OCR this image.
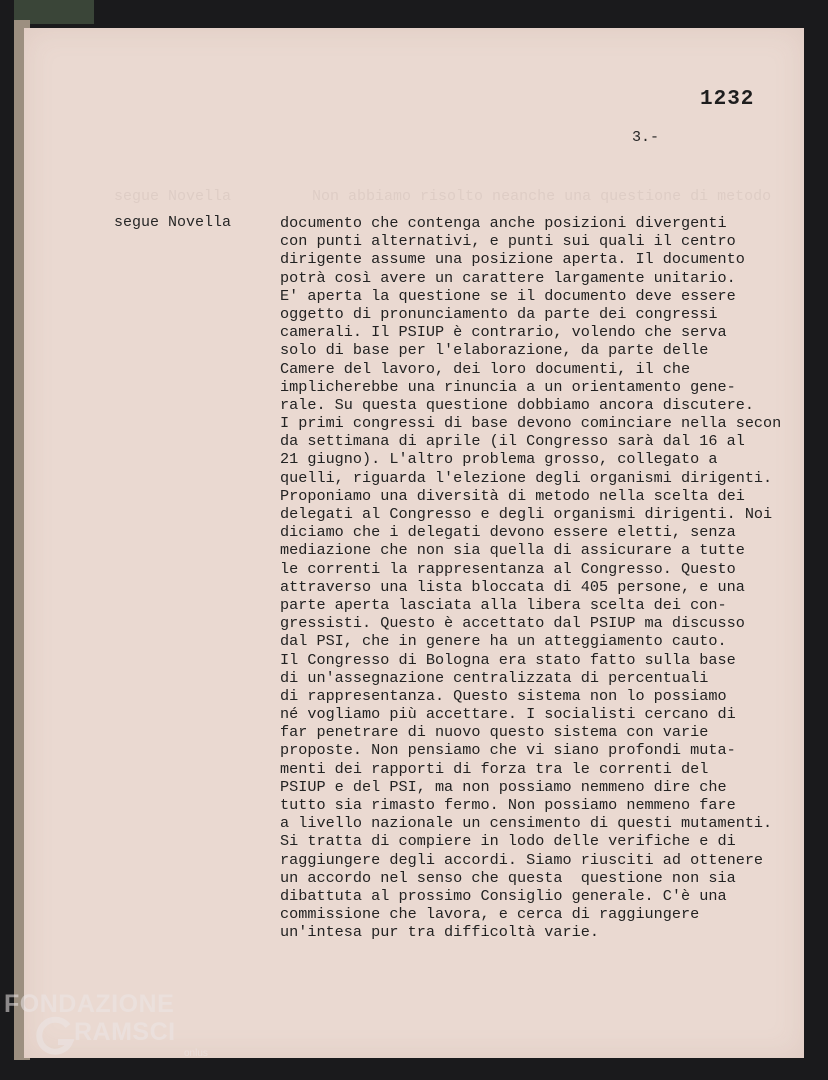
segue Novella         Non abbiamo risolto neanche una questione di metodo
1232
3.-
segue Novella	documento che contenga anche posizioni divergenti
con punti alternativi, e punti sui quali il centro
dirigente assume una posizione aperta. Il documento
potrà così avere un carattere largamente unitario.
E' aperta la questione se il documento deve essere
oggetto di pronunciamento da parte dei congressi
camerali. Il PSIUP è contrario, volendo che serva
solo di base per l'elaborazione, da parte delle
Camere del lavoro, dei loro documenti, il che
implicherebbe una rinuncia a un orientamento gene-
rale. Su questa questione dobbiamo ancora discutere.
I primi congressi di base devono cominciare nella secon
da settimana di aprile (il Congresso sarà dal 16 al
21 giugno). L'altro problema grosso, collegato a
quelli, riguarda l'elezione degli organismi dirigenti.
Proponiamo una diversità di metodo nella scelta dei
delegati al Congresso e degli organismi dirigenti. Noi
diciamo che i delegati devono essere eletti, senza
mediazione che non sia quella di assicurare a tutte
le correnti la rappresentanza al Congresso. Questo
attraverso una lista bloccata di 405 persone, e una
parte aperta lasciata alla libera scelta dei con-
gressisti. Questo è accettato dal PSIUP ma discusso
dal PSI, che in genere ha un atteggiamento cauto.
Il Congresso di Bologna era stato fatto sulla base
di un'assegnazione centralizzata di percentuali
di rappresentanza. Questo sistema non lo possiamo
né vogliamo più accettare. I socialisti cercano di
far penetrare di nuovo questo sistema con varie
proposte. Non pensiamo che vi siano profondi muta-
menti dei rapporti di forza tra le correnti del
PSIUP e del PSI, ma non possiamo nemmeno dire che
tutto sia rimasto fermo. Non possiamo nemmeno fare
a livello nazionale un censimento di questi mutamenti.
Si tratta di compiere in lodo delle verifiche e di
raggiungere degli accordi. Siamo riusciti ad ottenere
un accordo nel senso che questa  questione non sia
dibattuta al prossimo Consiglio generale. C'è una
commissione che lavora, e cerca di raggiungere
un'intesa pur tra difficoltà varie.
FONDAZIONE
RAMSCI
onlus
